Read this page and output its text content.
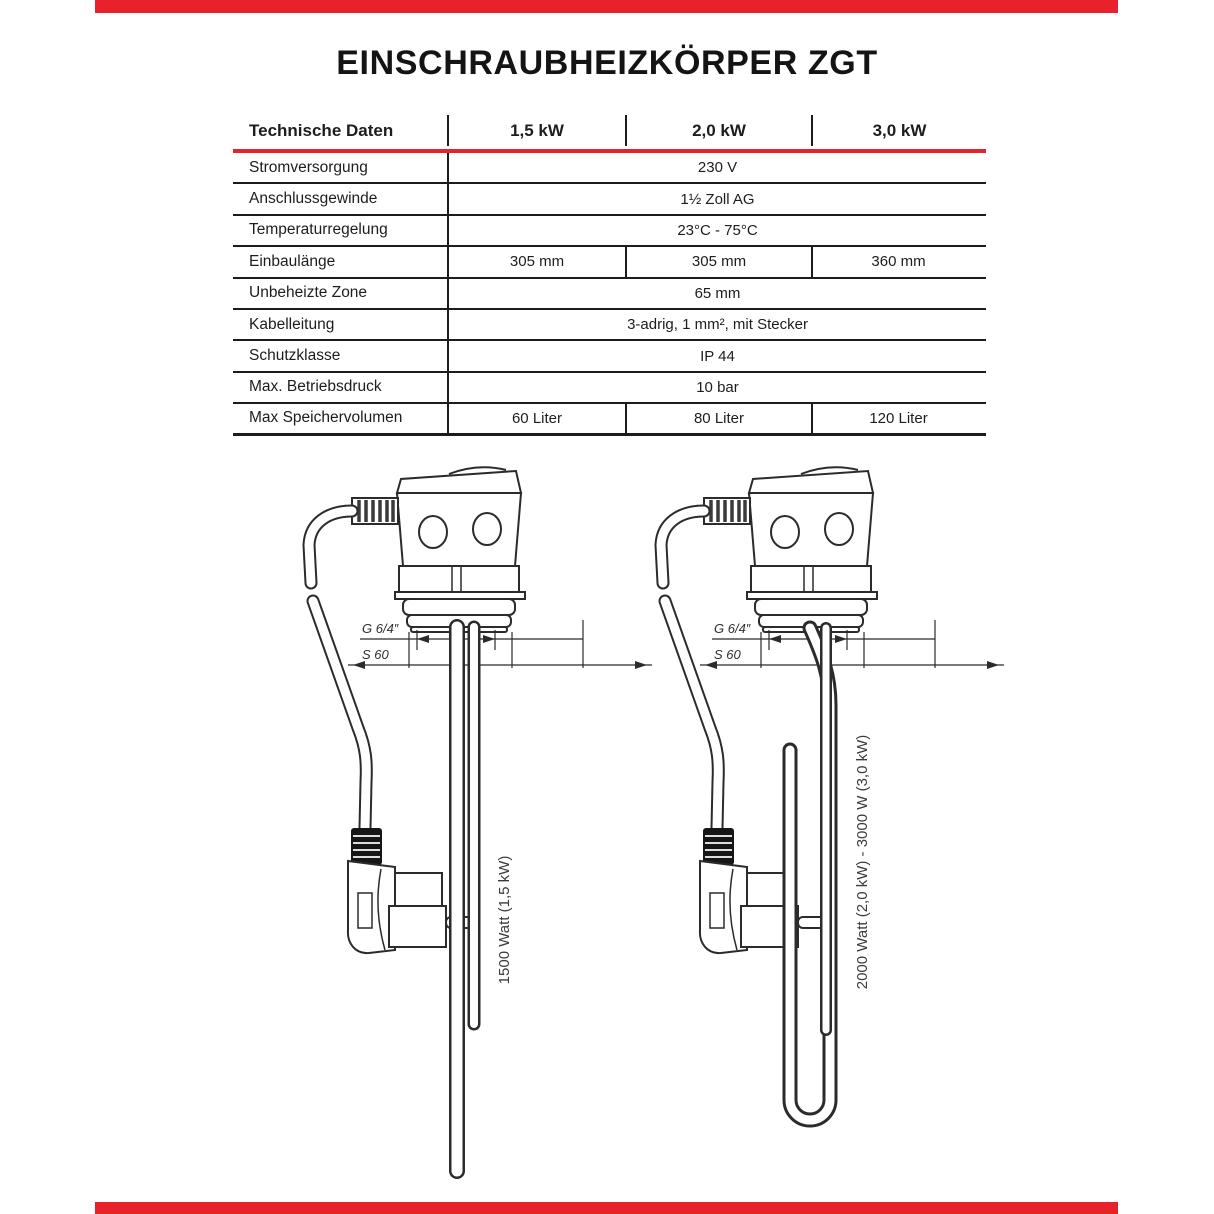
EINSCHRAUBHEIZKÖRPER ZGT
Technische Daten	1,5 kW	2,0 kW	3,0 kW
Stromversorgung	230 V
Anschlussgewinde	1½ Zoll AG
Temperaturregelung	23°C - 75°C
Einbaulänge	305 mm	305 mm	360 mm
Unbeheizte Zone	65 mm
Kabelleitung	3-adrig, 1 mm², mit Stecker
Schutzklasse	IP 44
Max. Betriebsdruck	10 bar
Max Speichervolumen	60 Liter	80 Liter	120 Liter
G 6/4″
S 60
1500 Watt (1,5 kW)	2000 Watt (2,0 kW) - 3000 W (3,0 kW)
